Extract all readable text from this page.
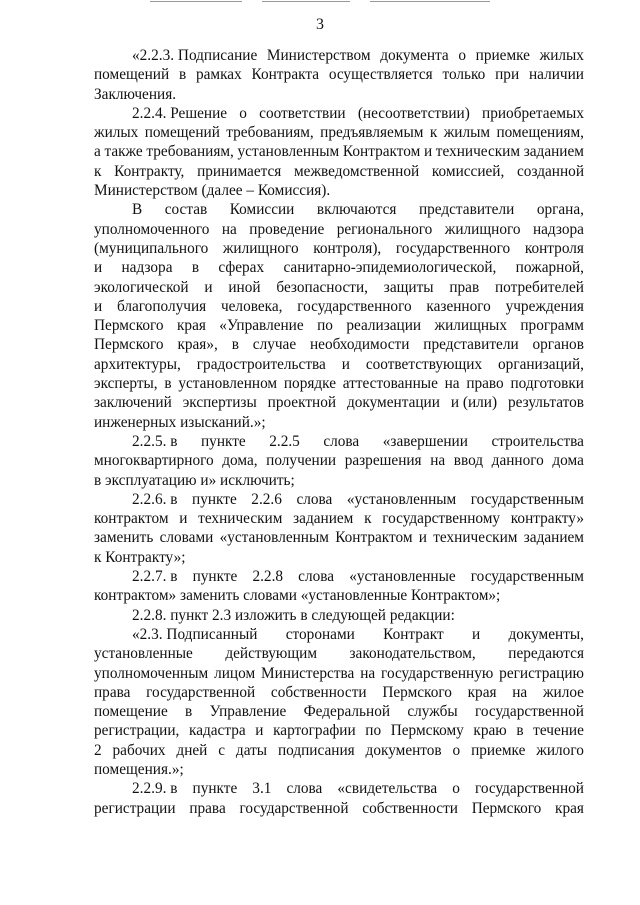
3
«2.2.3. Подписание Министерством документа о приемке жилых
помещений в рамках Контракта осуществляется только при наличии
Заключения.
2.2.4. Решение о соответствии (несоответствии) приобретаемых
жилых помещений требованиям, предъявляемым к жилым помещениям,
а также требованиям, установленным Контрактом и техническим заданием
к Контракту, принимается межведомственной комиссией, созданной
Министерством (далее – Комиссия).
В состав Комиссии включаются представители органа,
уполномоченного на проведение регионального жилищного надзора
(муниципального жилищного контроля), государственного контроля
и надзора в сферах санитарно-эпидемиологической, пожарной,
экологической и иной безопасности, защиты прав потребителей
и благополучия человека, государственного казенного учреждения
Пермского края «Управление по реализации жилищных программ
Пермского края», в случае необходимости представители органов
архитектуры, градостроительства и соответствующих организаций,
эксперты, в установленном порядке аттестованные на право подготовки
заключений экспертизы проектной документации и (или) результатов
инженерных изысканий.»;
2.2.5. в пункте 2.2.5 слова «завершении строительства
многоквартирного дома, получении разрешения на ввод данного дома
в эксплуатацию и» исключить;
2.2.6. в пункте 2.2.6 слова «установленным государственным
контрактом и техническим заданием к государственному контракту»
заменить словами «установленным Контрактом и техническим заданием
к Контракту»;
2.2.7. в пункте 2.2.8 слова «установленные государственным
контрактом» заменить словами «установленные Контрактом»;
2.2.8. пункт 2.3 изложить в следующей редакции:
«2.3. Подписанный сторонами Контракт и документы,
установленные действующим законодательством, передаются
уполномоченным лицом Министерства на государственную регистрацию
права государственной собственности Пермского края на жилое
помещение в Управление Федеральной службы государственной
регистрации, кадастра и картографии по Пермскому краю в течение
2 рабочих дней с даты подписания документов о приемке жилого
помещения.»;
2.2.9. в пункте 3.1 слова «свидетельства о государственной
регистрации права государственной собственности Пермского края
